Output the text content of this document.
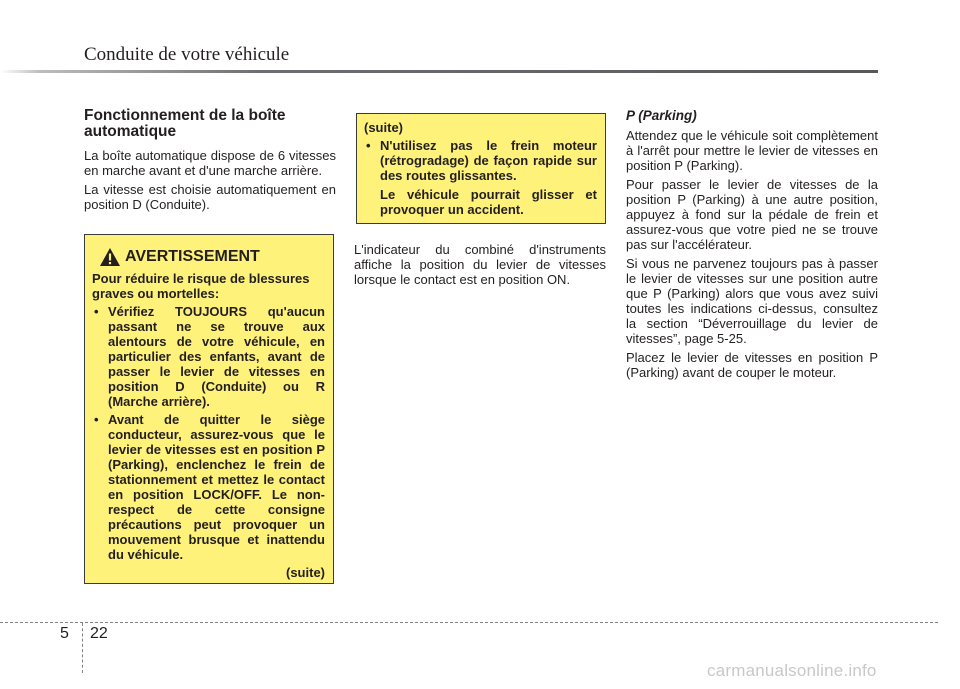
Conduite de votre véhicule
Fonctionnement de la boîte automatique

La boîte automatique dispose de 6 vitesses en marche avant et d'une marche arrière.

La vitesse est choisie automatiquement en position D (Conduite).

AVERTISSEMENT

Pour réduire le risque de blessures graves ou mortelles:

• Vérifiez TOUJOURS qu'aucun passant ne se trouve aux alentours de votre véhicule, en particulier des enfants, avant de passer le levier de vitesses en position D (Conduite) ou R (Marche arrière).

• Avant de quitter le siège conducteur, assurez-vous que le levier de vitesses est en position P (Parking), enclenchez le frein de stationnement et mettez le contact en position LOCK/OFF. Le non-respect de cette consigne précautions peut provoquer un mouvement brusque et inattendu du véhicule.

(suite)

(suite)

• N'utilisez pas le frein moteur (rétrogradage) de façon rapide sur des routes glissantes.

Le véhicule pourrait glisser et provoquer un accident.

L'indicateur du combiné d'instruments affiche la position du levier de vitesses lorsque le contact est en position ON.

P (Parking)

Attendez que le véhicule soit complètement à l'arrêt pour mettre le levier de vitesses en position P (Parking).

Pour passer le levier de vitesses de la position P (Parking) à une autre position, appuyez à fond sur la pédale de frein et assurez-vous que votre pied ne se trouve pas sur l'accélérateur.

Si vous ne parvenez toujours pas à passer le levier de vitesses sur une position autre que P (Parking) alors que vous avez suivi toutes les indications ci-dessus, consultez la section “Déverrouillage du levier de vitesses”, page 5-25.

Placez le levier de vitesses en position P (Parking) avant de couper le moteur.

5 22
carmanualsonline.info
